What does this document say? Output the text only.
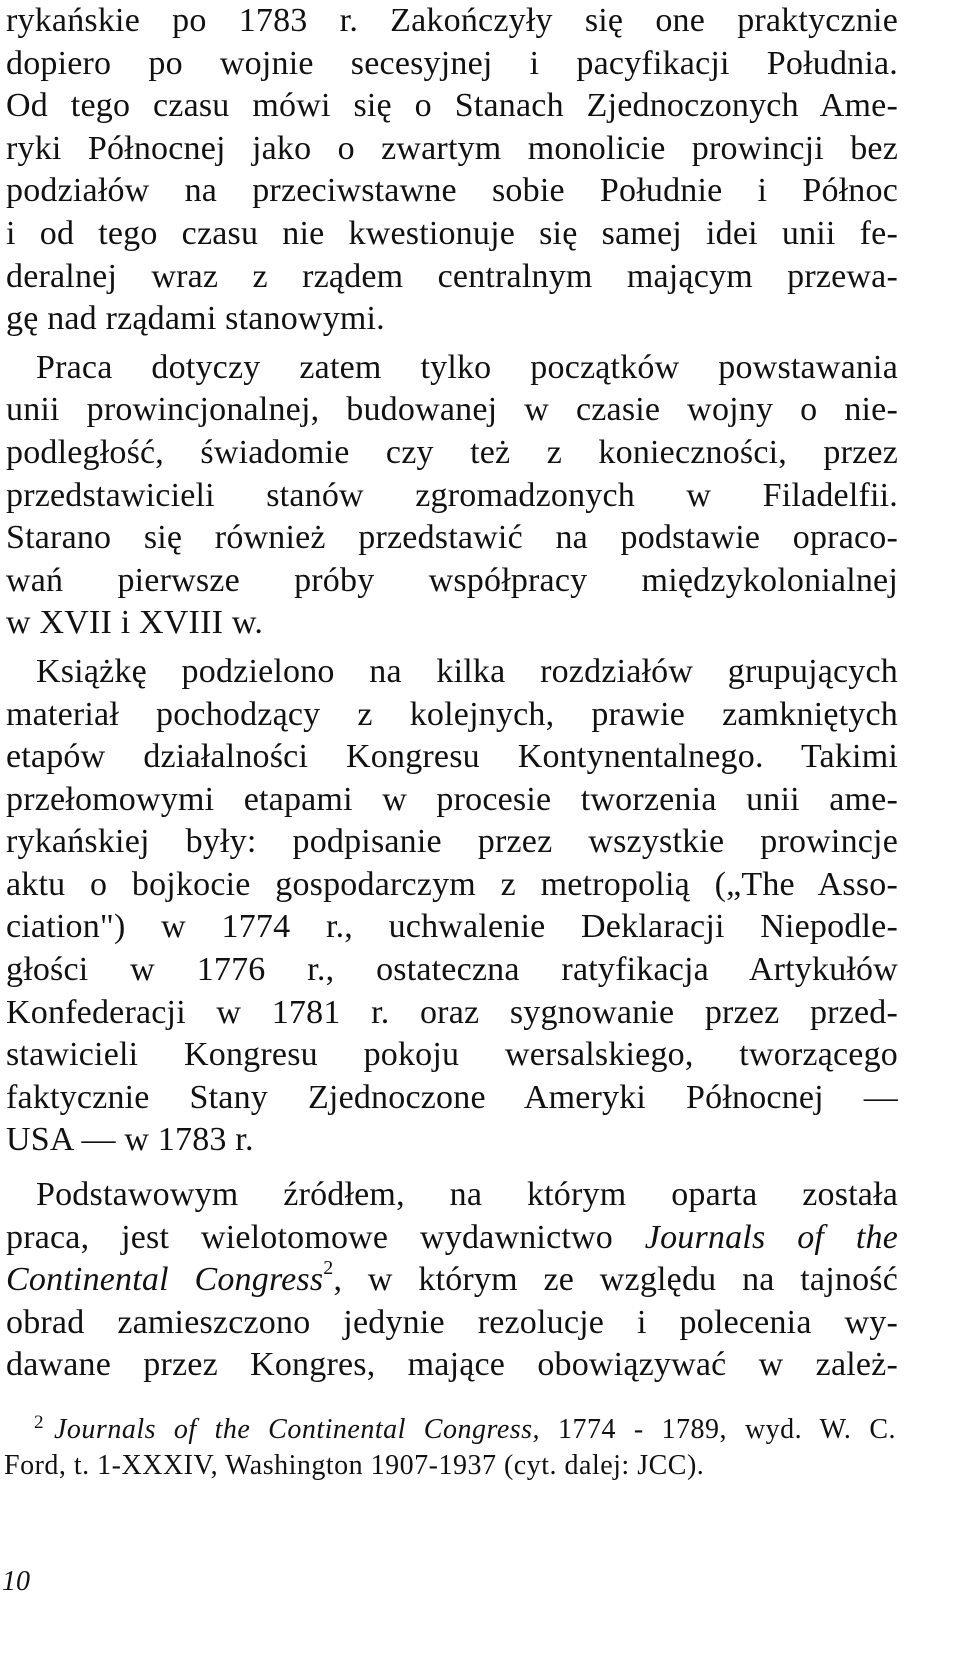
rykańskie po 1783 r. Zakończyły się one praktycznie
dopiero po wojnie secesyjnej i pacyfikacji Południa.
Od tego czasu mówi się o Stanach Zjednoczonych Ame-
ryki Północnej jako o zwartym monolicie prowincji bez
podziałów na przeciwstawne sobie Południe i Północ
i od tego czasu nie kwestionuje się samej idei unii fe-
deralnej wraz z rządem centralnym mającym przewa-
gę nad rządami stanowymi.
Praca dotyczy zatem tylko początków powstawania
unii prowincjonalnej, budowanej w czasie wojny o nie-
podległość, świadomie czy też z konieczności, przez
przedstawicieli stanów zgromadzonych w Filadelfii.
Starano się również przedstawić na podstawie opraco-
wań pierwsze próby współpracy międzykolonialnej
w XVII i XVIII w.
Książkę podzielono na kilka rozdziałów grupujących
materiał pochodzący z kolejnych, prawie zamkniętych
etapów działalności Kongresu Kontynentalnego. Takimi
przełomowymi etapami w procesie tworzenia unii ame-
rykańskiej były: podpisanie przez wszystkie prowincje
aktu o bojkocie gospodarczym z metropolią („The Asso-
ciation") w 1774 r., uchwalenie Deklaracji Niepodle-
głości w 1776 r., ostateczna ratyfikacja Artykułów
Konfederacji w 1781 r. oraz sygnowanie przez przed-
stawicieli Kongresu pokoju wersalskiego, tworzącego
faktycznie Stany Zjednoczone Ameryki Północnej —
USA — w 1783 r.
Podstawowym źródłem, na którym oparta została
praca, jest wielotomowe wydawnictwo Journals of the
Continental Congress$^2$, w którym ze względu na tajność
obrad zamieszczono jedynie rezolucje i polecenia wy-
dawane przez Kongres, mające obowiązywać w zależ-
$^2$ Journals of the Continental Congress, 1774 - 1789, wyd. W. C.
Ford, t. 1-XXXIV, Washington 1907-1937 (cyt. dalej: JCC).
10
